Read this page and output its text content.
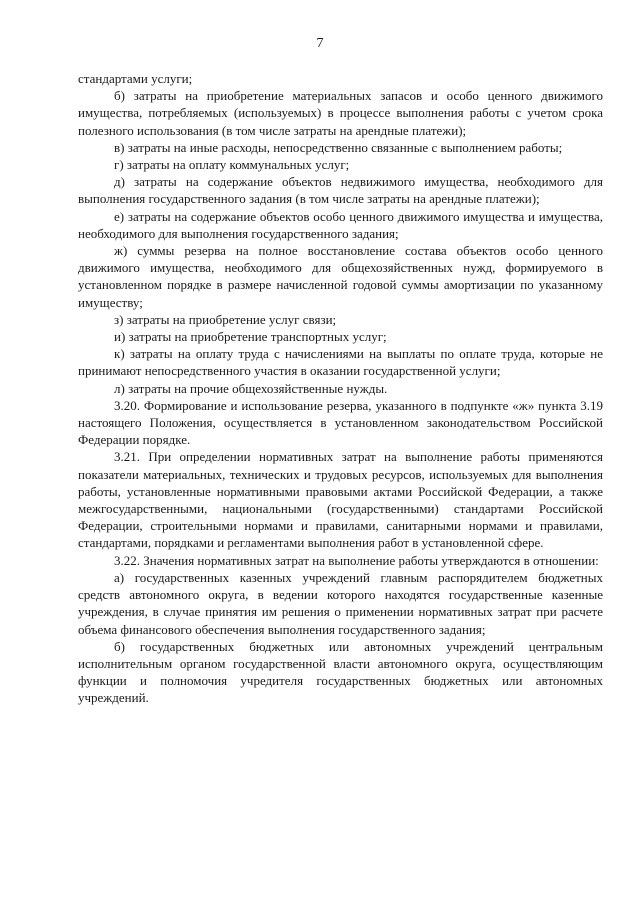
7

стандартами услуги;

б) затраты на приобретение материальных запасов и особо ценного движимого имущества, потребляемых (используемых) в процессе выполнения работы с учетом срока полезного использования (в том числе затраты на арендные платежи);

в) затраты на иные расходы, непосредственно связанные с выполнением работы;

г) затраты на оплату коммунальных услуг;

д) затраты на содержание объектов недвижимого имущества, необходимого для выполнения государственного задания (в том числе затраты на арендные платежи);

е) затраты на содержание объектов особо ценного движимого имущества и имущества, необходимого для выполнения государственного задания;

ж) суммы резерва на полное восстановление состава объектов особо ценного движимого имущества, необходимого для общехозяйственных нужд, формируемого в установленном порядке в размере начисленной годовой суммы амортизации по указанному имуществу;

з) затраты на приобретение услуг связи;

и) затраты на приобретение транспортных услуг;

к) затраты на оплату труда с начислениями на выплаты по оплате труда, которые не принимают непосредственного участия в оказании государственной услуги;

л) затраты на прочие общехозяйственные нужды.

3.20. Формирование и использование резерва, указанного в подпункте «ж» пункта 3.19 настоящего Положения, осуществляется в установленном законодательством Российской Федерации порядке.

3.21. При определении нормативных затрат на выполнение работы применяются показатели материальных, технических и трудовых ресурсов, используемых для выполнения работы, установленные нормативными правовыми актами Российской Федерации, а также межгосударственными, национальными (государственными) стандартами Российской Федерации, строительными нормами и правилами, санитарными нормами и правилами, стандартами, порядками и регламентами выполнения работ в установленной сфере.

3.22. Значения нормативных затрат на выполнение работы утверждаются в отношении:

а) государственных казенных учреждений главным распорядителем бюджетных средств автономного округа, в ведении которого находятся государственные казенные учреждения, в случае принятия им решения о применении нормативных затрат при расчете объема финансового обеспечения выполнения государственного задания;

б) государственных бюджетных или автономных учреждений центральным исполнительным органом государственной власти автономного округа, осуществляющим функции и полномочия учредителя государственных бюджетных или автономных учреждений.
